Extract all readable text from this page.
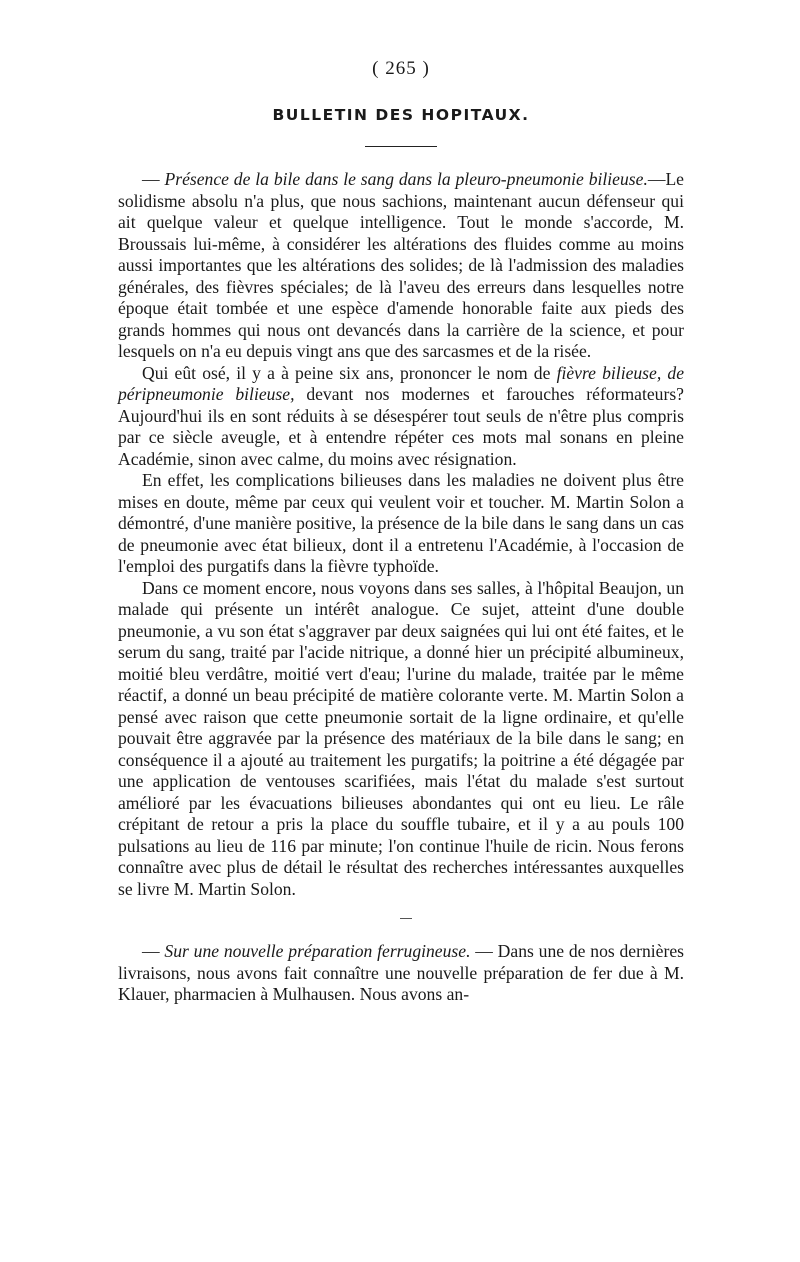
( 265 )
BULLETIN DES HOPITAUX.

— Présence de la bile dans le sang dans la pleuro-pneumonie bilieuse.—Le solidisme absolu n'a plus, que nous sachions, maintenant aucun défenseur qui ait quelque valeur et quelque intelligence. Tout le monde s'accorde, M. Broussais lui-même, à considérer les altérations des fluides comme au moins aussi importantes que les altérations des solides; de là l'admission des maladies générales, des fièvres spéciales; de là l'aveu des erreurs dans lesquelles notre époque était tombée et une espèce d'amende honorable faite aux pieds des grands hommes qui nous ont devancés dans la carrière de la science, et pour lesquels on n'a eu depuis vingt ans que des sarcasmes et de la risée.

Qui eût osé, il y a à peine six ans, prononcer le nom de fièvre bilieuse, de péripneumonie bilieuse, devant nos modernes et farouches réformateurs? Aujourd'hui ils en sont réduits à se désespérer tout seuls de n'être plus compris par ce siècle aveugle, et à entendre répéter ces mots mal sonans en pleine Académie, sinon avec calme, du moins avec résignation.

En effet, les complications bilieuses dans les maladies ne doivent plus être mises en doute, même par ceux qui veulent voir et toucher. M. Martin Solon a démontré, d'une manière positive, la présence de la bile dans le sang dans un cas de pneumonie avec état bilieux, dont il a entretenu l'Académie, à l'occasion de l'emploi des purgatifs dans la fièvre typhoïde.

Dans ce moment encore, nous voyons dans ses salles, à l'hôpital Beaujon, un malade qui présente un intérêt analogue. Ce sujet, atteint d'une double pneumonie, a vu son état s'aggraver par deux saignées qui lui ont été faites, et le serum du sang, traité par l'acide nitrique, a donné hier un précipité albumineux, moitié bleu verdâtre, moitié vert d'eau; l'urine du malade, traitée par le même réactif, a donné un beau précipité de matière colorante verte. M. Martin Solon a pensé avec raison que cette pneumonie sortait de la ligne ordinaire, et qu'elle pouvait être aggravée par la présence des matériaux de la bile dans le sang; en conséquence il a ajouté au traitement les purgatifs; la poitrine a été dégagée par une application de ventouses scarifiées, mais l'état du malade s'est surtout amélioré par les évacuations bilieuses abondantes qui ont eu lieu. Le râle crépitant de retour a pris la place du souffle tubaire, et il y a au pouls 100 pulsations au lieu de 116 par minute; l'on continue l'huile de ricin. Nous ferons connaître avec plus de détail le résultat des recherches intéressantes auxquelles se livre M. Martin Solon.

— Sur une nouvelle préparation ferrugineuse. — Dans une de nos dernières livraisons, nous avons fait connaître une nouvelle préparation de fer due à M. Klauer, pharmacien à Mulhausen. Nous avons an-
